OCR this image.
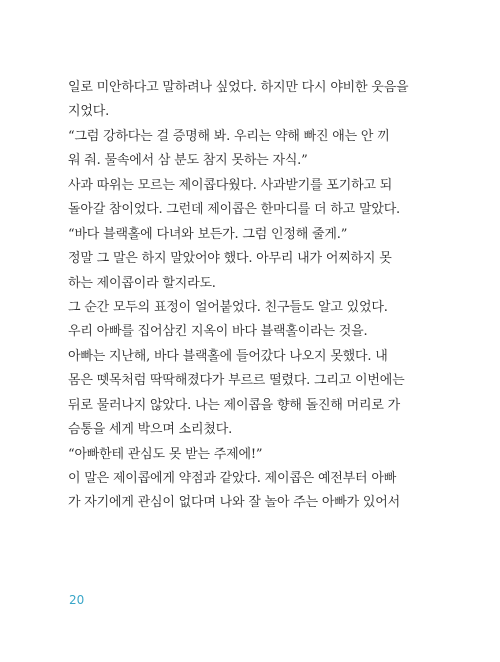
일로 미안하다고 말하려나 싶었다. 하지만 다시 야비한 웃음을
지었다.
“그럼 강하다는 걸 증명해 봐. 우리는 약해 빠진 애는 안 끼
워 줘. 물속에서 삼 분도 참지 못하는 자식.”
사과 따위는 모르는 제이콥다웠다. 사과받기를 포기하고 되
돌아갈 참이었다. 그런데 제이콥은 한마디를 더 하고 말았다.
“바다 블랙홀에 다녀와 보든가. 그럼 인정해 줄게.”
정말 그 말은 하지 말았어야 했다. 아무리 내가 어찌하지 못
하는 제이콥이라 할지라도.
그 순간 모두의 표정이 얼어붙었다. 친구들도 알고 있었다.
우리 아빠를 집어삼킨 지옥이 바다 블랙홀이라는 것을.
아빠는 지난해, 바다 블랙홀에 들어갔다 나오지 못했다. 내
몸은 뗏목처럼 딱딱해졌다가 부르르 떨렸다. 그리고 이번에는
뒤로 물러나지 않았다. 나는 제이콥을 향해 돌진해 머리로 가
슴통을 세게 박으며 소리쳤다.
“아빠한테 관심도 못 받는 주제에!”
이 말은 제이콥에게 약점과 같았다. 제이콥은 예전부터 아빠
가 자기에게 관심이 없다며 나와 잘 놀아 주는 아빠가 있어서
20
